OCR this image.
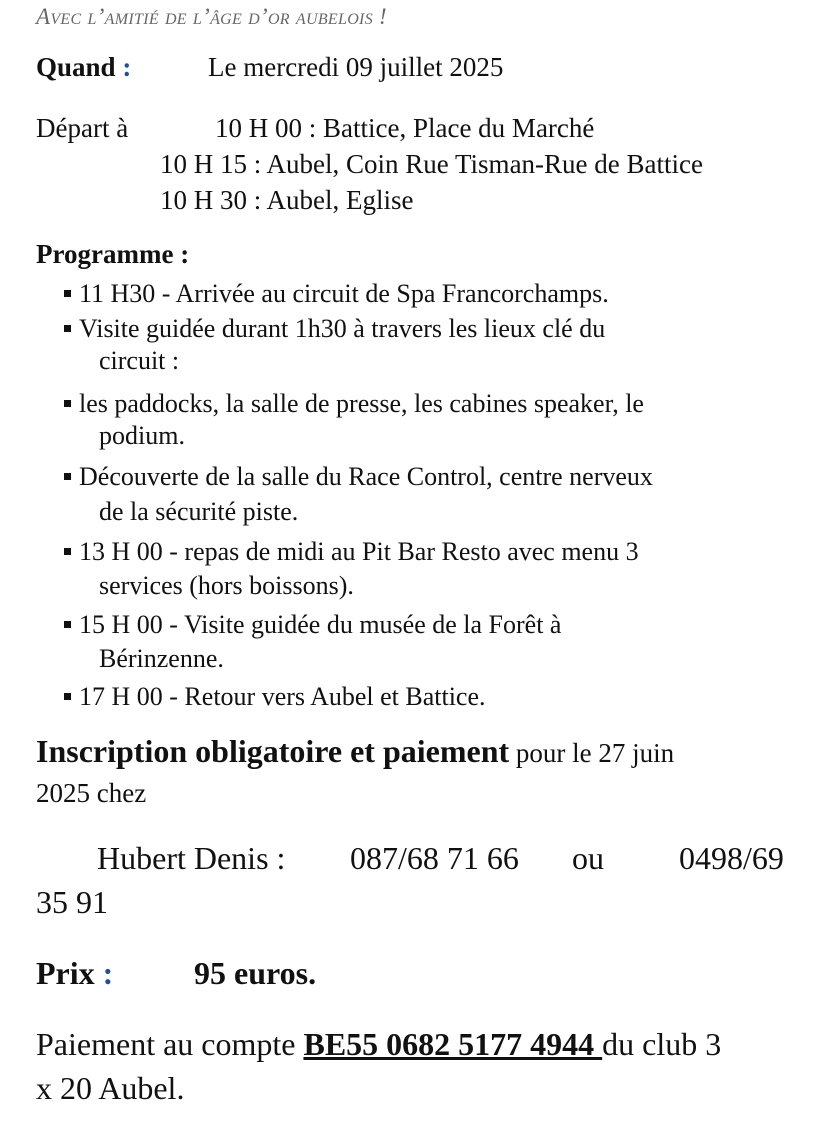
Avec l’amitié de l’âge d’or aubelois !
Quand :	Le mercredi 09 juillet 2025
Départ à	10 H 00 : Battice, Place du Marché
10 H 15 : Aubel, Coin Rue Tisman-Rue de Battice
10 H 30 : Aubel, Eglise
Programme :
11 H30 - Arrivée au circuit de Spa Francorchamps.
Visite guidée durant 1h30 à travers les lieux clé du
circuit :
les paddocks, la salle de presse, les cabines speaker, le
podium.
Découverte de la salle du Race Control, centre nerveux
de la sécurité piste.
13 H 00 - repas de midi au Pit Bar Resto avec menu 3
services (hors boissons).
15 H 00 - Visite guidée du musée de la Forêt à
Bérinzenne.
17 H 00 - Retour vers Aubel et Battice.
Inscription obligatoire et paiement pour le 27 juin
2025 chez
Hubert Denis : 087/68 71 66 ou 0498/69
35 91
Prix :	95 euros.
Paiement au compte BE55 0682 5177 4944 du club 3
x 20 Aubel.
